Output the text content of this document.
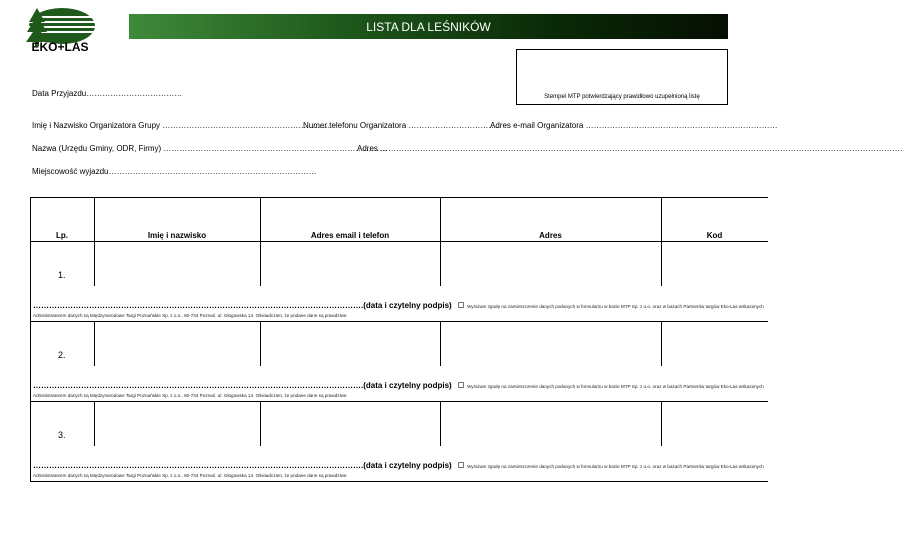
EKO+LAS
LISTA DLA LEŚNIKÓW
Stempel MTP potwierdzający prawidłowo uzupełnioną listę
Data Przyjazdu………………………………
Imię i Nazwisko Organizatora Grupy ………………………………………………………
Numer telefonu Organizatora …………………………….
Adres e-mail Organizatora ………………………………………………………………
Nazwa (Urzędu Gminy, ODR, Firmy) …………………………………………………………………………
Adres …………………………………………………………………………………………………………………………………………………………………………….
Miejscowość wyjazdu……………………………………………………………………
Lp.	Imię i nazwisko	Adres email i telefon	Adres	Kod
1.
…………………………………………………………………………………………………………….(data i czytelny podpis)	Wyrażam zgodę na zamieszczenie danych podanych w formularzu w bazie MTP Sp. z o.o. oraz w bazach Partnerów targów Eko-Las wskazanych
Administratorem danych są Międzynarodowe Targi Poznańskie Sp. z o.o., 60-734 Poznań, ul. Głogowska 14. Oświadczam, że podane dane są prawdziwe.
2.
…………………………………………………………………………………………………………….(data i czytelny podpis)	Wyrażam zgodę na zamieszczenie danych podanych w formularzu w bazie MTP Sp. z o.o. oraz w bazach Partnerów targów Eko-Las wskazanych
Administratorem danych są Międzynarodowe Targi Poznańskie Sp. z o.o., 60-734 Poznań, ul. Głogowska 14. Oświadczam, że podane dane są prawdziwe.
3.
…………………………………………………………………………………………………………….(data i czytelny podpis)	Wyrażam zgodę na zamieszczenie danych podanych w formularzu w bazie MTP Sp. z o.o. oraz w bazach Partnerów targów Eko-Las wskazanych
Administratorem danych są Międzynarodowe Targi Poznańskie Sp. z o.o., 60-734 Poznań, ul. Głogowska 14. Oświadczam, że podane dane są prawdziwe.
